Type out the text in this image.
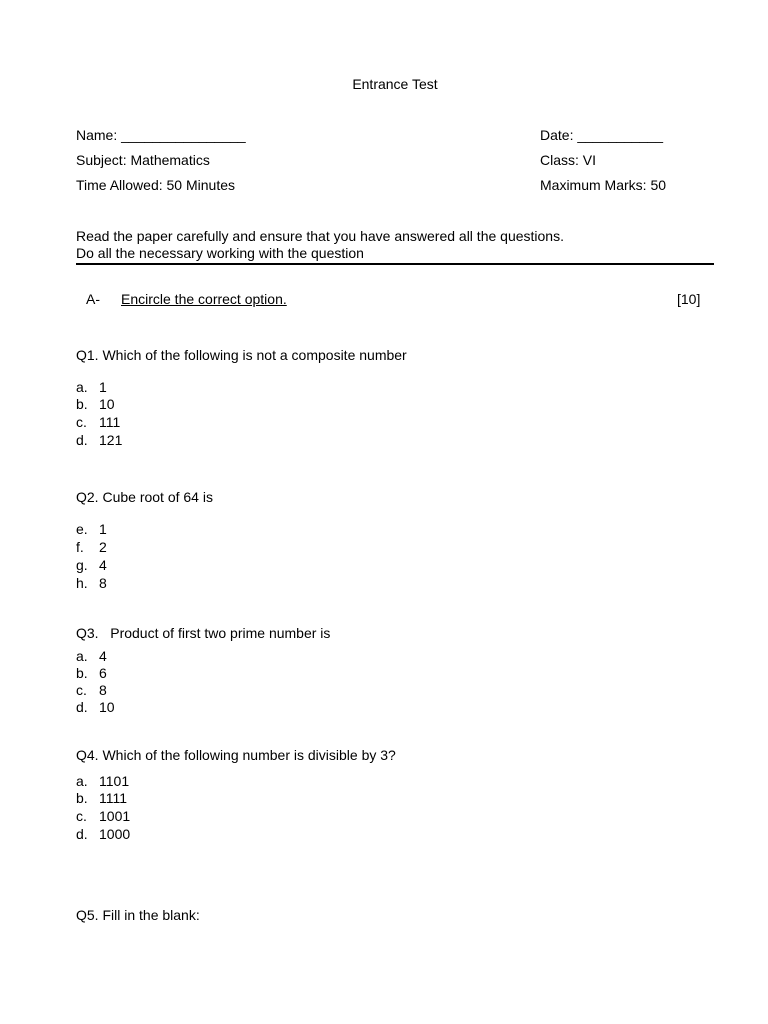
Entrance Test
Name: ________________	Date: ___________
Subject: Mathematics	Class: VI
Time Allowed: 50 Minutes	Maximum Marks: 50
Read the paper carefully and ensure that you have answered all the questions.
Do all the necessary working with the question
A- Encircle the correct option.	[10]
Q1. Which of the following is not a composite number
a. 1
b. 10
c. 111
d. 121
Q2. Cube root of 64 is
e. 1
f. 2
g. 4
h. 8
Q3.   Product of first two prime number is
a. 4
b. 6
c. 8
d. 10
Q4. Which of the following number is divisible by 3?
a. 1101
b. 1111
c. 1001
d. 1000
Q5. Fill in the blank:
